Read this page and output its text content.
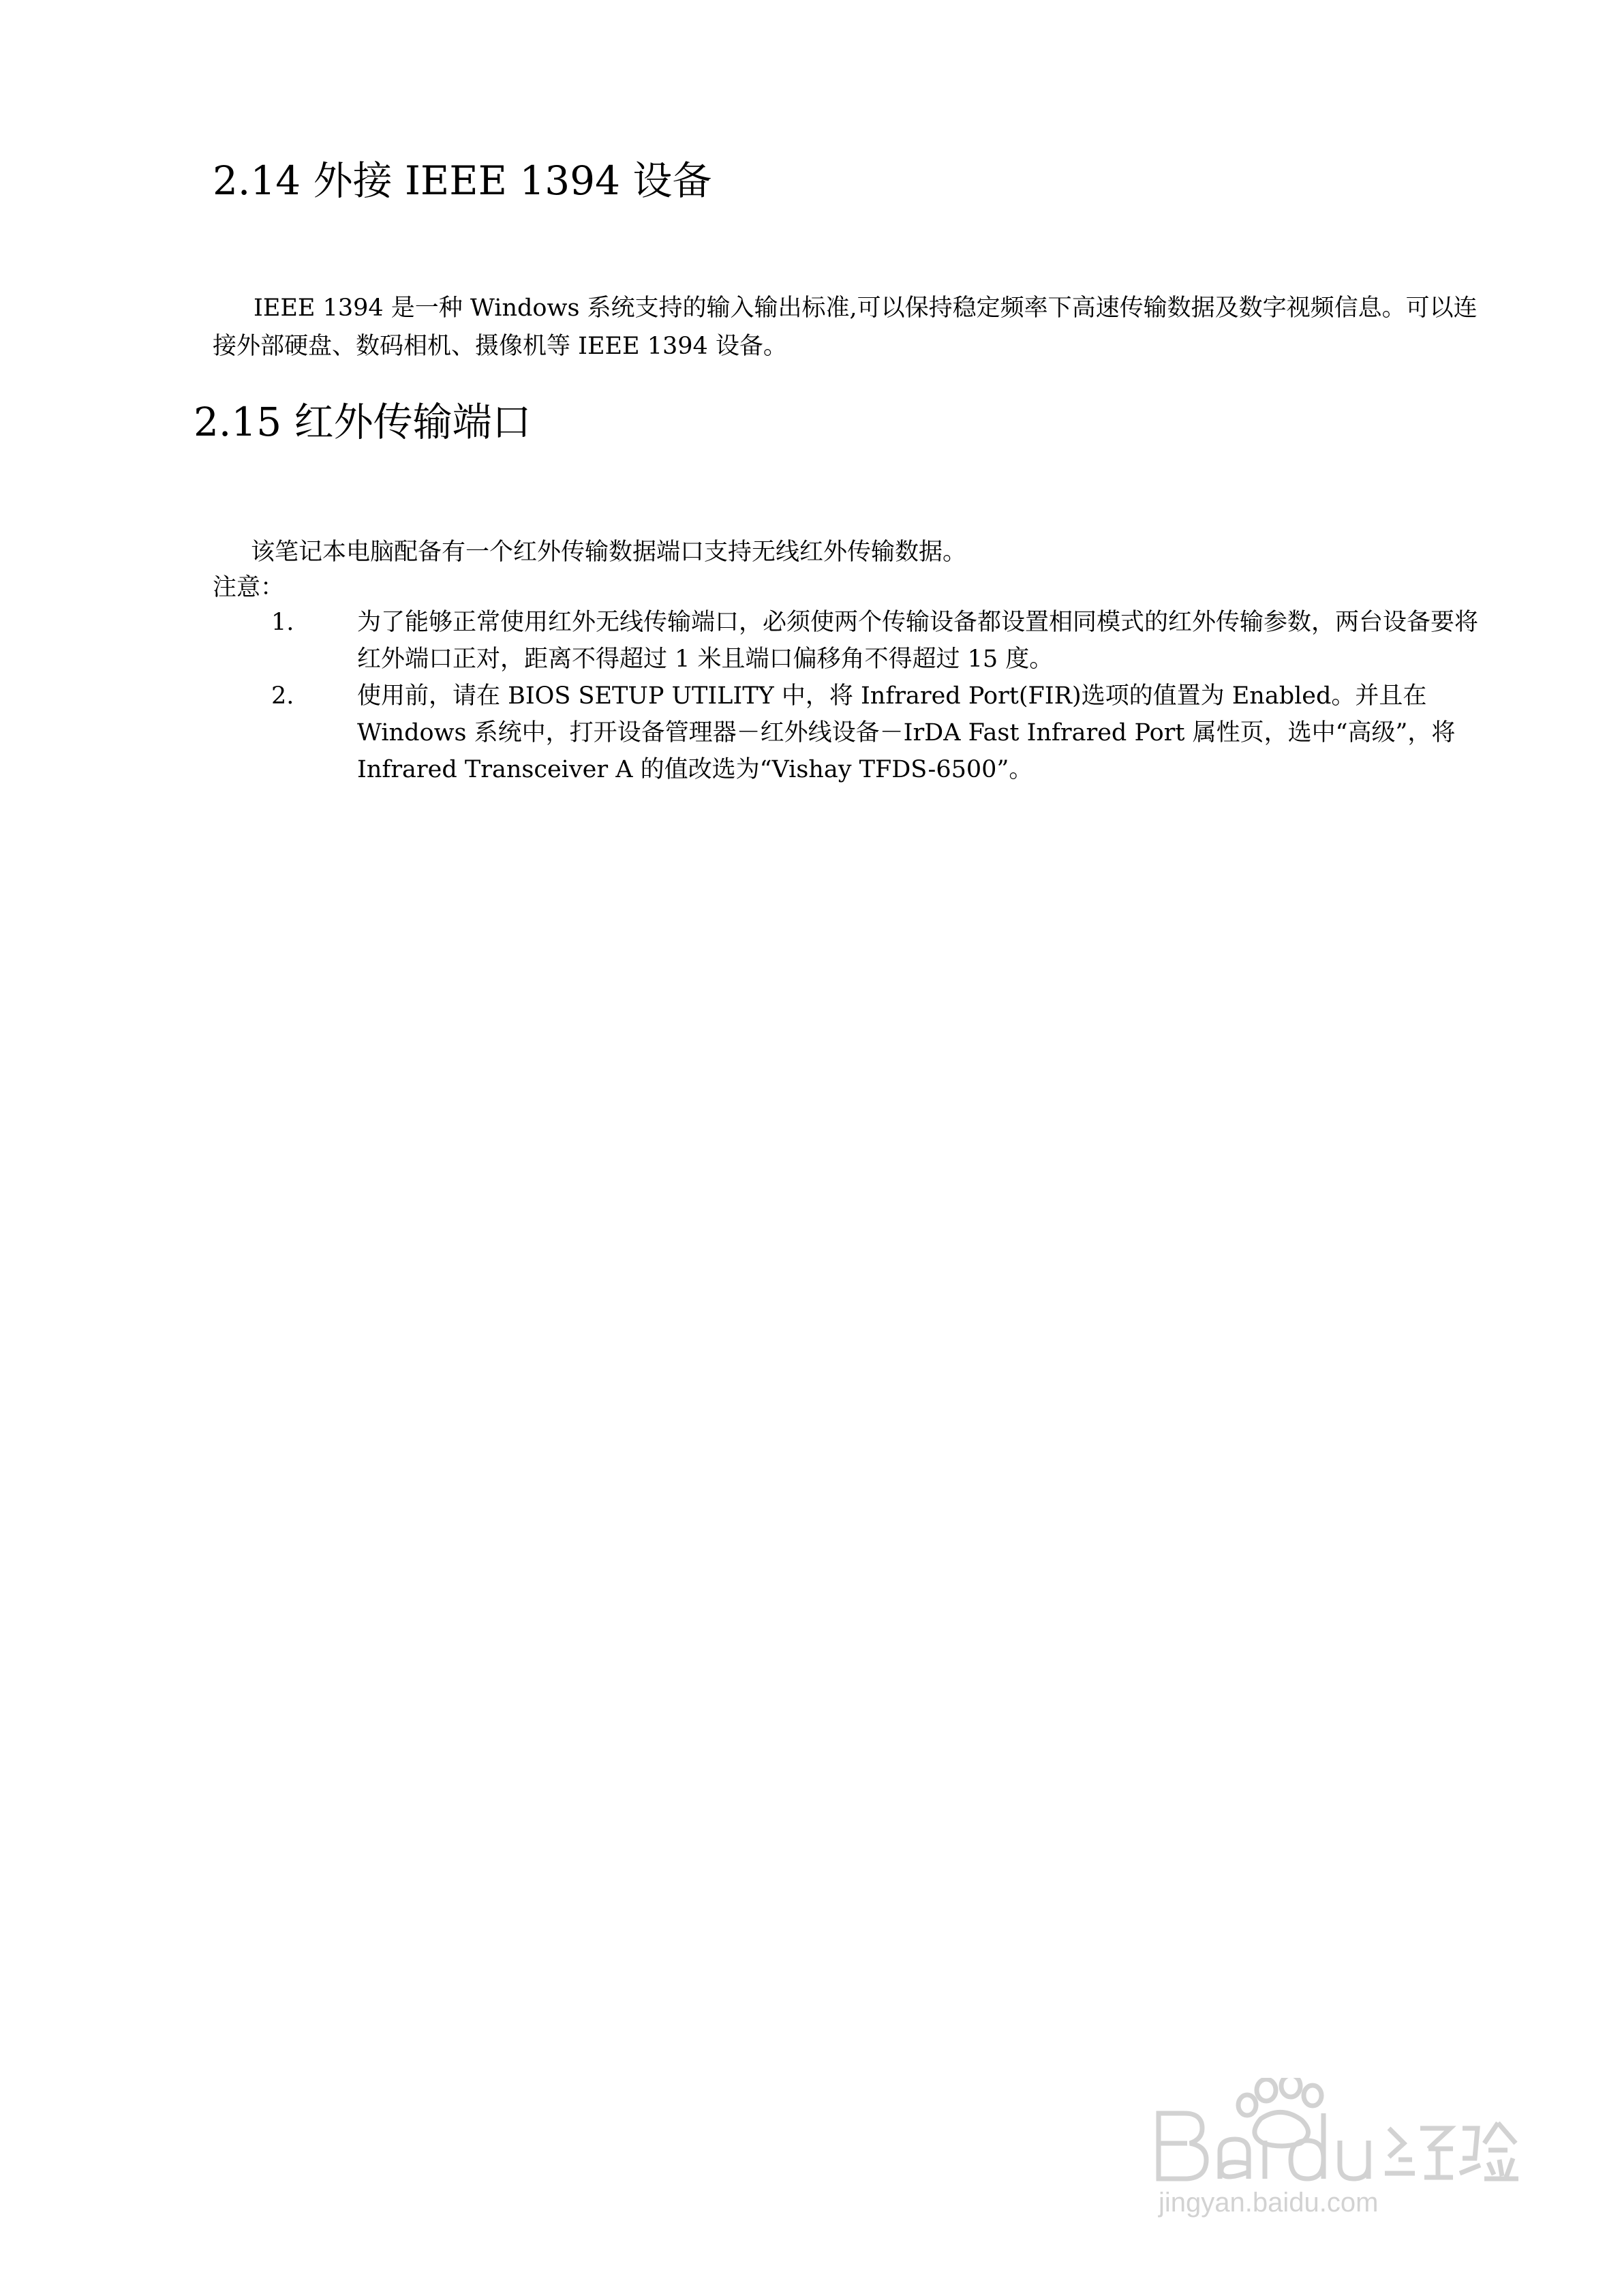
2.14 外接 IEEE 1394 设备

IEEE 1394 是一种 Windows 系统支持的输入输出标准,可以保持稳定频率下高速传输数据及数字视频信息。可以连接外部硬盘、数码相机、摄像机等 IEEE 1394 设备。

2.15 红外传输端口

该笔记本电脑配备有一个红外传输数据端口支持无线红外传输数据。

注意：
1.	为了能够正常使用红外无线传输端口，必须使两个传输设备都设置相同模式的红外传输参数，两台设备要将红外端口正对，距离不得超过 1 米且端口偏移角不得超过 15 度。
2.	使用前，请在 BIOS SETUP UTILITY 中，将 Infrared Port(FIR)选项的值置为 Enabled。并且在 Windows 系统中，打开设备管理器－红外线设备－IrDA Fast Infrared Port 属性页，选中“高级”，将 Infrared Transceiver A 的值改选为“Vishay TFDS-6500”。
jingyan.baidu.com
